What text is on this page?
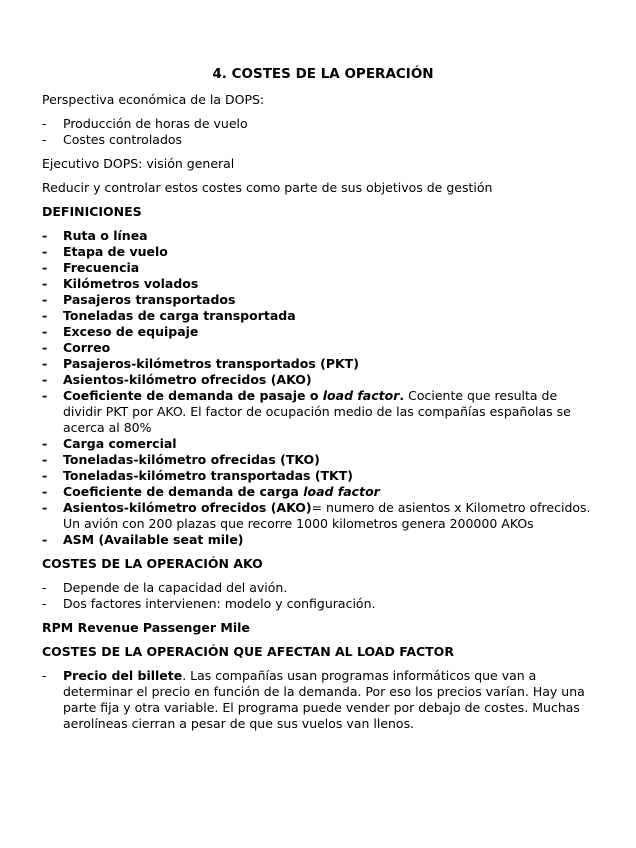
4. COSTES DE LA OPERACIÓN

Perspectiva económica de la DOPS:

- Producción de horas de vuelo
- Costes controlados

Ejecutivo DOPS: visión general

Reducir y controlar estos costes como parte de sus objetivos de gestión

DEFINICIONES
- Ruta o línea
- Etapa de vuelo
- Frecuencia
- Kilómetros volados
- Pasajeros transportados
- Toneladas de carga transportada
- Exceso de equipaje
- Correo
- Pasajeros-kilómetros transportados (PKT)
- Asientos-kilómetro ofrecidos (AKO)
- Coeficiente de demanda de pasaje o load factor. Cociente que resulta de dividir PKT por AKO. El factor de ocupación medio de las compañías españolas se acerca al 80%
- Carga comercial
- Toneladas-kilómetro ofrecidas (TKO)
- Toneladas-kilómetro transportadas (TKT)
- Coeficiente de demanda de carga load factor
- Asientos-kilómetro ofrecidos (AKO)= numero de asientos x Kilometro ofrecidos. Un avión con 200 plazas que recorre 1000 kilometros genera 200000 AKOs
- ASM (Available seat mile)
COSTES DE LA OPERACIÓN AKO
- Depende de la capacidad del avión.
- Dos factores intervienen: modelo y configuración.
RPM Revenue Passenger Mile
COSTES DE LA OPERACIÓN QUE AFECTAN AL LOAD FACTOR
- Precio del billete. Las compañías usan programas informáticos que van a determinar el precio en función de la demanda. Por eso los precios varían. Hay una parte fija y otra variable. El programa puede vender por debajo de costes. Muchas aerolíneas cierran a pesar de que sus vuelos van llenos.
